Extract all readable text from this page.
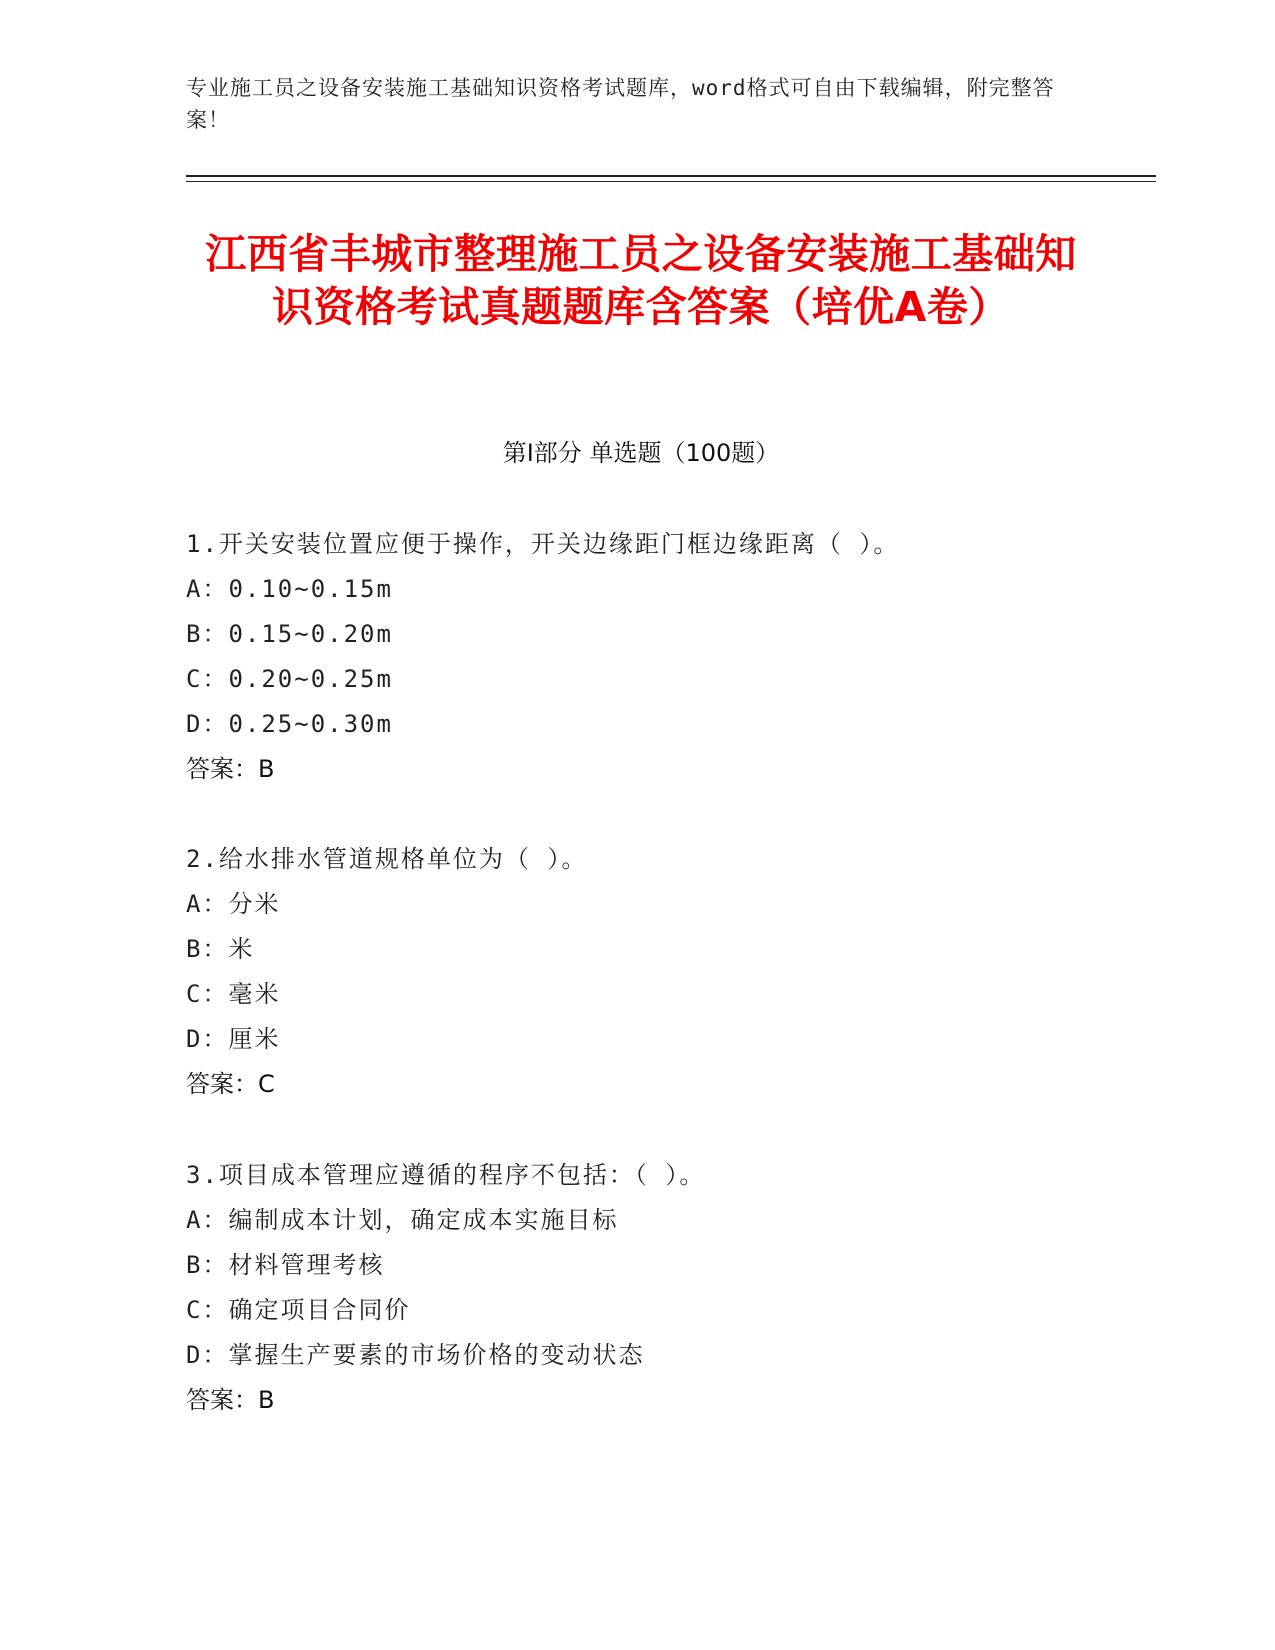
专业施工员之设备安装施工基础知识资格考试题库，word格式可自由下载编辑，附完整答案！
江西省丰城市整理施工员之设备安装施工基础知识资格考试真题题库含答案（培优A卷）
第I部分 单选题（100题）
1.开关安装位置应便于操作，开关边缘距门框边缘距离（ ）。
A：0.10~0.15m
B：0.15~0.20m
C：0.20~0.25m
D：0.25~0.30m
答案：B
2.给水排水管道规格单位为（ ）。
A：分米
B：米
C：毫米
D：厘米
答案：C
3.项目成本管理应遵循的程序不包括：（ ）。
A：编制成本计划，确定成本实施目标
B：材料管理考核
C：确定项目合同价
D：掌握生产要素的市场价格的变动状态
答案：B
